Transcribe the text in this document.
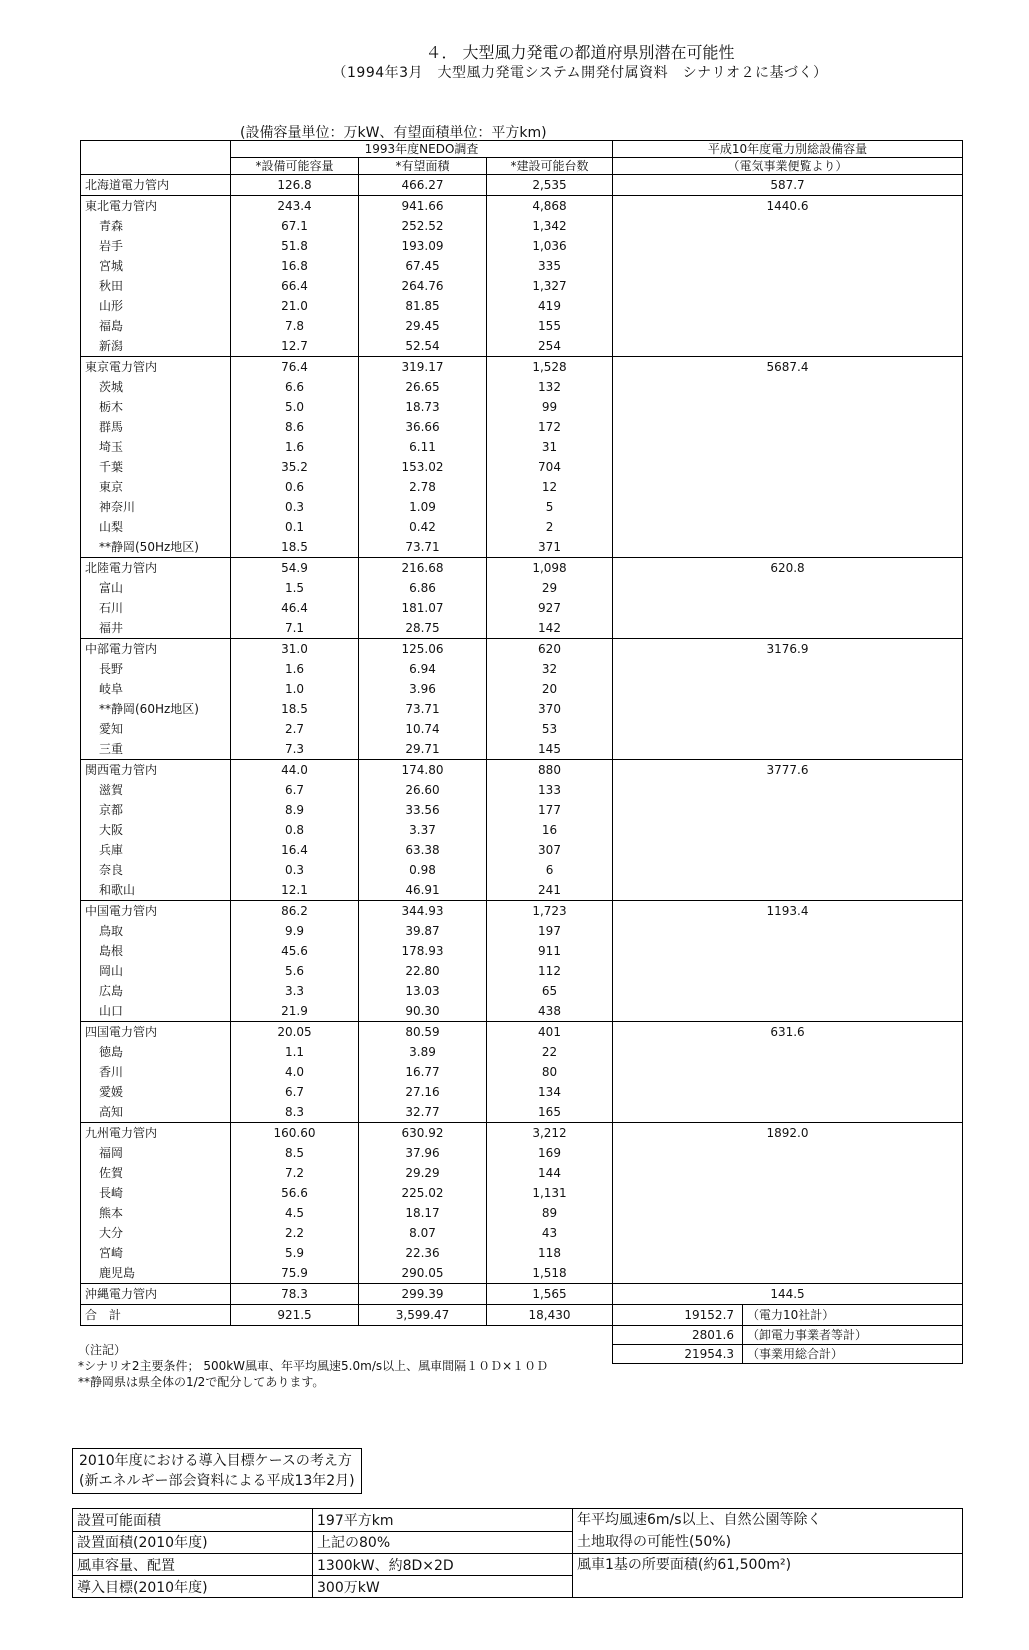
４． 大型風力発電の都道府県別潜在可能性
（1994年3月　大型風力発電システム開発付属資料　シナリオ２に基づく）
(設備容量単位：万kW、有望面積単位：平方km)
	1993年度NEDO調査			平成10年度電力別総設備容量	
	*設備可能容量	*有望面積	*建設可能台数	（電気事業便覧より）	
北海道電力管内	126.8	466.27	2,535	587.7	
東北電力管内	243.4	941.66	4,868	1440.6	
青森	67.1	252.52	1,342		
岩手	51.8	193.09	1,036		
宮城	16.8	67.45	335		
秋田	66.4	264.76	1,327		
山形	21.0	81.85	419		
福島	7.8	29.45	155		
新潟	12.7	52.54	254		
東京電力管内	76.4	319.17	1,528	5687.4	
茨城	6.6	26.65	132		
栃木	5.0	18.73	99		
群馬	8.6	36.66	172		
埼玉	1.6	6.11	31		
千葉	35.2	153.02	704		
東京	0.6	2.78	12		
神奈川	0.3	1.09	5		
山梨	0.1	0.42	2		
**静岡(50Hz地区)	18.5	73.71	371		
北陸電力管内	54.9	216.68	1,098	620.8	
富山	1.5	6.86	29		
石川	46.4	181.07	927		
福井	7.1	28.75	142		
中部電力管内	31.0	125.06	620	3176.9	
長野	1.6	6.94	32		
岐阜	1.0	3.96	20		
**静岡(60Hz地区)	18.5	73.71	370		
愛知	2.7	10.74	53		
三重	7.3	29.71	145		
関西電力管内	44.0	174.80	880	3777.6	
滋賀	6.7	26.60	133		
京都	8.9	33.56	177		
大阪	0.8	3.37	16		
兵庫	16.4	63.38	307		
奈良	0.3	0.98	6		
和歌山	12.1	46.91	241		
中国電力管内	86.2	344.93	1,723	1193.4	
鳥取	9.9	39.87	197		
島根	45.6	178.93	911		
岡山	5.6	22.80	112		
広島	3.3	13.03	65		
山口	21.9	90.30	438		
四国電力管内	20.05	80.59	401	631.6	
徳島	1.1	3.89	22		
香川	4.0	16.77	80		
愛媛	6.7	27.16	134		
高知	8.3	32.77	165		
九州電力管内	160.60	630.92	3,212	1892.0	
福岡	8.5	37.96	169		
佐賀	7.2	29.29	144		
長崎	56.6	225.02	1,131		
熊本	4.5	18.17	89		
大分	2.2	8.07	43		
宮崎	5.9	22.36	118		
鹿児島	75.9	290.05	1,518		
沖縄電力管内	78.3	299.39	1,565	144.5	
合　計	921.5	3,599.47	18,430	19152.7	（電力10社計）
				2801.6	（卸電力事業者等計）
				21954.3	（事業用総合計）
（注記）
*シナリオ2主要条件； 500kW風車、年平均風速5.0m/s以上、風車間隔１０Ｄ×１０Ｄ
**静岡県は県全体の1/2で配分してあります。
2010年度における導入目標ケースの考え方
(新エネルギー部会資料による平成13年2月)
設置可能面積	197平方km	年平均風速6m/s以上、自然公園等除く
土地取得の可能性(50%)

設置面積(2010年度)	上記の80%	
風車容量、配置	1300kW、約8D×2D	風車1基の所要面積(約61,500m²)

導入目標(2010年度)	300万kW	
